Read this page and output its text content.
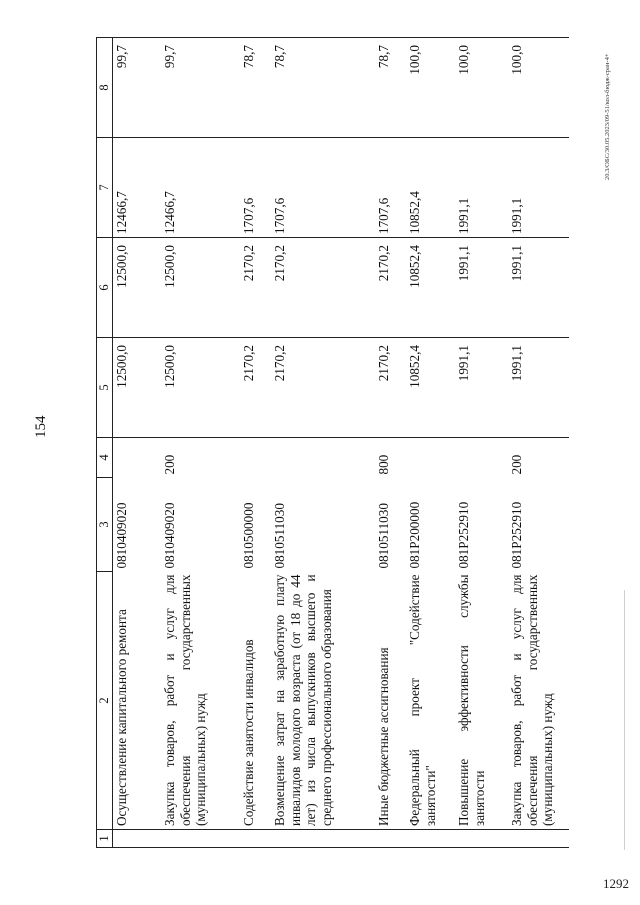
154
1	2	3	4	5	6	7	8
	Осуществление капитального ремонта	0810409020		12500,0	12500,0	12466,7	99,7
	Закупка товаров, работ и услуг для обеспечения государственных (муниципальных) нужд	0810409020	200	12500,0	12500,0	12466,7	99,7
	Содействие занятости инвалидов	0810500000		2170,2	2170,2	1707,6	78,7
	Возмещение затрат на заработную плату инвалидов молодого возраста (от 18 до 44 лет) из числа выпускников высшего и среднего профессионального образования	0810511030		2170,2	2170,2	1707,6	78,7
	Иные бюджетные ассигнования	0810511030	800	2170,2	2170,2	1707,6	78,7
	Федеральный проект "Содействие занятости"	081P200000		10852,4	10852,4	10852,4	100,0
	Повышение эффективности службы занятости	081P252910		1991,1	1991,1	1991,1	100,0
	Закупка товаров, работ и услуг для обеспечения государственных (муниципальных) нужд	081P252910	200	1991,1	1991,1	1991,1	100,0	20.3/ОБС/30.05.2023/09-51/кол-бюдж-сран-4+
1292
